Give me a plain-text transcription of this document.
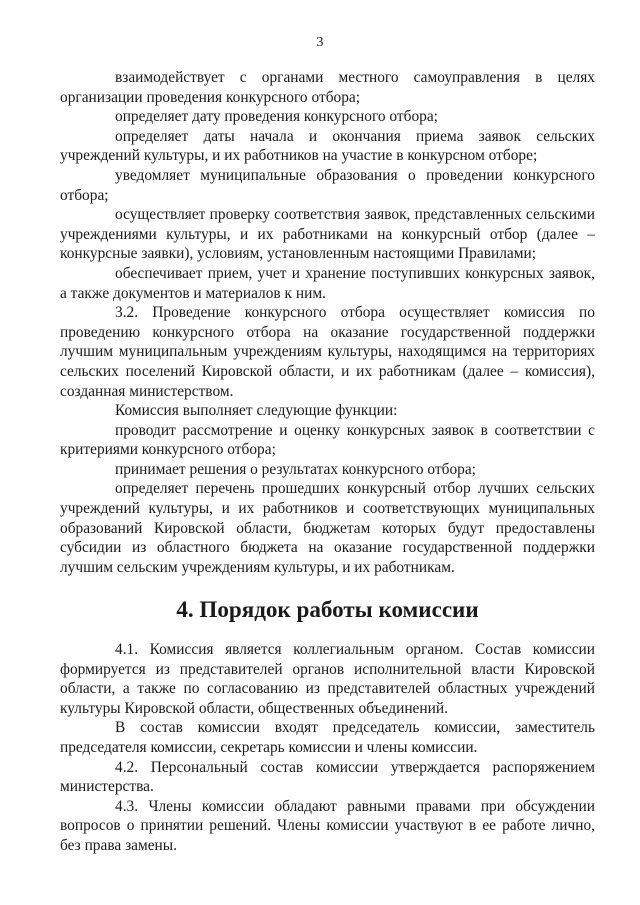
3

взаимодействует с органами местного самоуправления в целях организации проведения конкурсного отбора;

определяет дату проведения конкурсного отбора;

определяет даты начала и окончания приема заявок сельских учреждений культуры, и их работников на участие в конкурсном отборе;

уведомляет муниципальные образования о проведении конкурсного отбора;

осуществляет проверку соответствия заявок, представленных сельскими учреждениями культуры, и их работниками на конкурсный отбор (далее – конкурсные заявки), условиям, установленным настоящими Правилами;

обеспечивает прием, учет и хранение поступивших конкурсных заявок, а также документов и материалов к ним.

3.2. Проведение конкурсного отбора осуществляет комиссия по проведению конкурсного отбора на оказание государственной поддержки лучшим муниципальным учреждениям культуры, находящимся на территориях сельских поселений Кировской области, и их работникам (далее – комиссия), созданная министерством.

Комиссия выполняет следующие функции:

проводит рассмотрение и оценку конкурсных заявок в соответствии с критериями конкурсного отбора;

принимает решения о результатах конкурсного отбора;

определяет перечень прошедших конкурсный отбор лучших сельских учреждений культуры, и их работников и соответствующих муниципальных образований Кировской области, бюджетам которых будут предоставлены субсидии из областного бюджета на оказание государственной поддержки лучшим сельским учреждениям культуры, и их работникам.

4. Порядок работы комиссии

4.1. Комиссия является коллегиальным органом. Состав комиссии формируется из представителей органов исполнительной власти Кировской области, а также по согласованию из представителей областных учреждений культуры Кировской области, общественных объединений.

В состав комиссии входят председатель комиссии, заместитель председателя комиссии, секретарь комиссии и члены комиссии.

4.2. Персональный состав комиссии утверждается распоряжением министерства.

4.3. Члены комиссии обладают равными правами при обсуждении вопросов о принятии решений. Члены комиссии участвуют в ее работе лично, без права замены.
